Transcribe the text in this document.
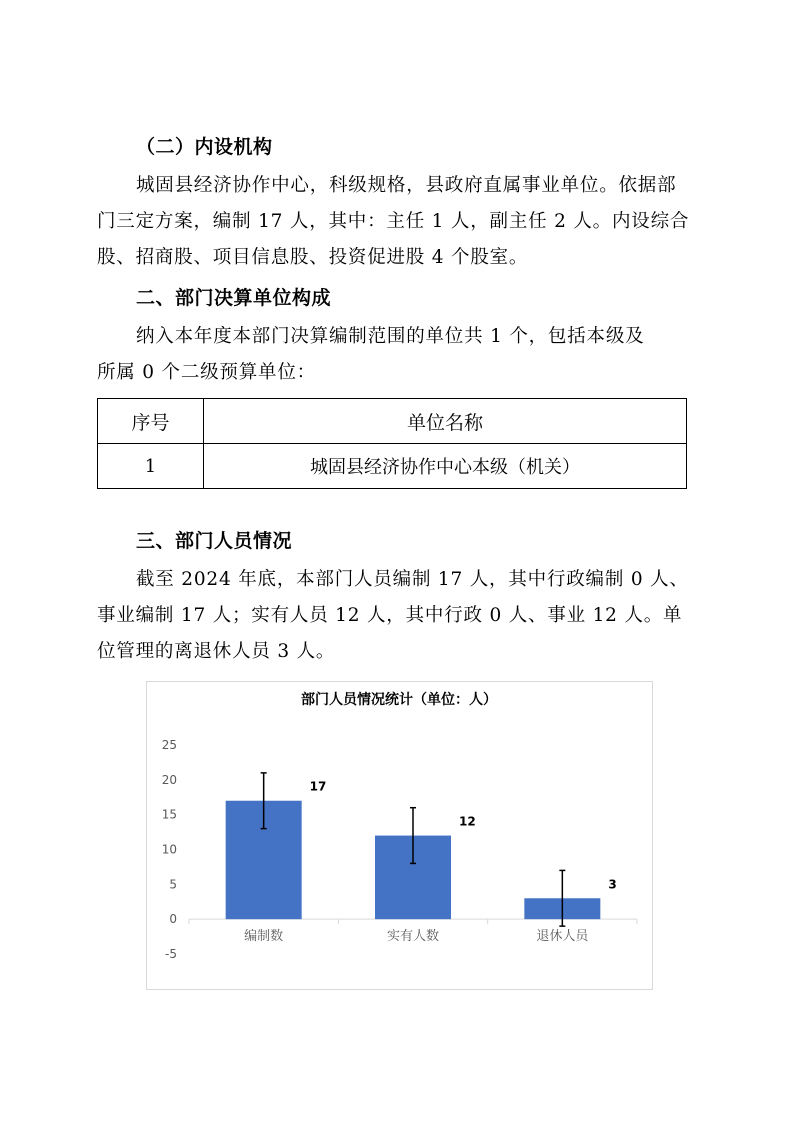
（二）内设机构
城固县经济协作中心，科级规格，县政府直属事业单位。依据部
门三定方案，编制 17 人，其中：主任 1 人，副主任 2 人。内设综合
股、招商股、项目信息股、投资促进股 4 个股室。
二、部门决算单位构成
纳入本年度本部门决算编制范围的单位共 1 个，包括本级及
所属 0 个二级预算单位：
序号	单位名称
1	城固县经济协作中心本级（机关）
三、部门人员情况
截至 2024 年底，本部门人员编制 17 人，其中行政编制 0 人、
事业编制 17 人；实有人员 12 人，其中行政 0 人、事业 12 人。单
位管理的离退休人员 3 人。
部门人员情况统计（单位：人）
25
20
15
10
5
0
-5
17
编制数
12
实有人数
3
退休人员
